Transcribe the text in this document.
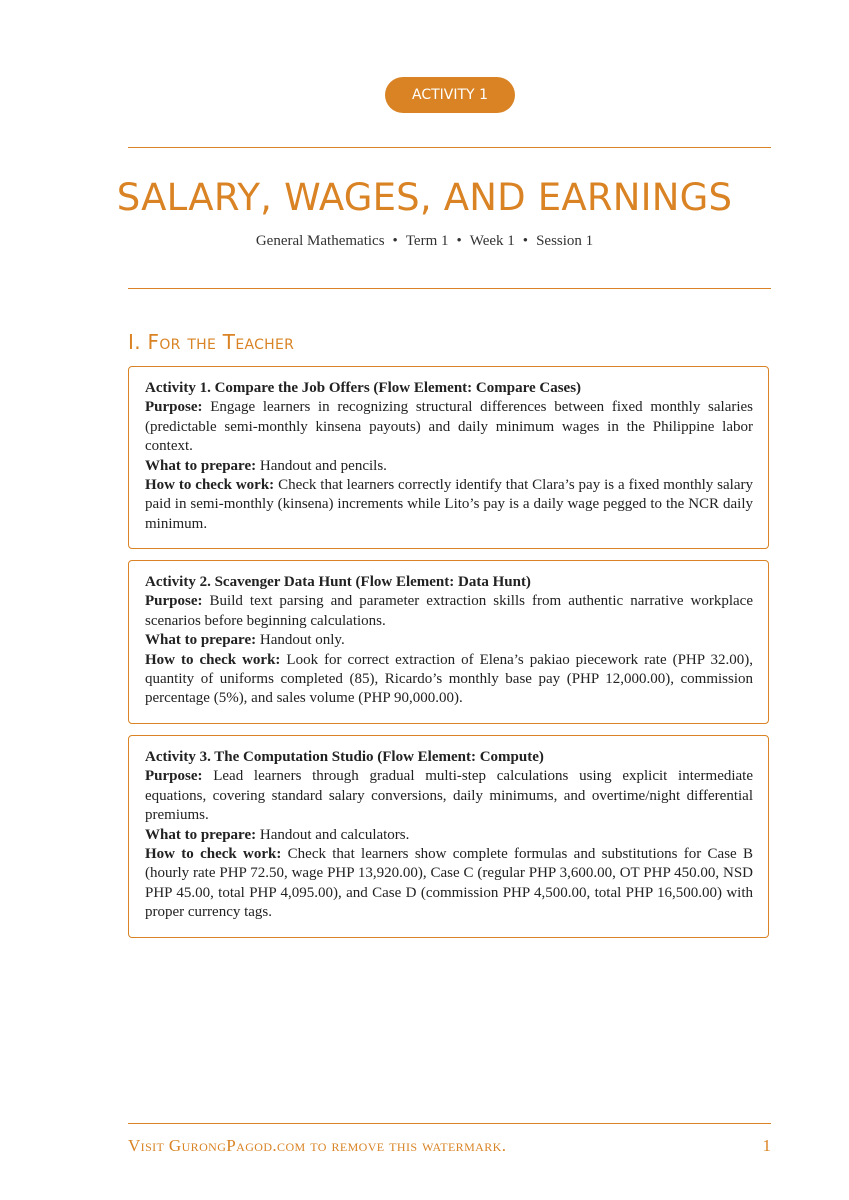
ACTIVITY 1
SALARY, WAGES, AND EARNINGS
General Mathematics • Term 1 • Week 1 • Session 1
I. For the Teacher

Activity 1. Compare the Job Offers (Flow Element: Compare Cases)

Purpose: Engage learners in recognizing structural differences between fixed monthly salaries (predictable semi-monthly kinsena payouts) and daily minimum wages in the Philippine labor context.

What to prepare: Handout and pencils.

How to check work: Check that learners correctly identify that Clara’s pay is a fixed monthly salary paid in semi-monthly (kinsena) increments while Lito’s pay is a daily wage pegged to the NCR daily minimum.

Activity 2. Scavenger Data Hunt (Flow Element: Data Hunt)

Purpose: Build text parsing and parameter extraction skills from authentic narrative workplace scenarios before beginning calculations.

What to prepare: Handout only.

How to check work: Look for correct extraction of Elena’s pakiao piecework rate (PHP 32.00), quantity of uniforms completed (85), Ricardo’s monthly base pay (PHP 12,000.00), commission percentage (5%), and sales volume (PHP 90,000.00).

Activity 3. The Computation Studio (Flow Element: Compute)

Purpose: Lead learners through gradual multi-step calculations using explicit intermediate equations, covering standard salary conversions, daily minimums, and overtime/night differential premiums.

What to prepare: Handout and calculators.

How to check work: Check that learners show complete formulas and substitutions for Case B (hourly rate PHP 72.50, wage PHP 13,920.00), Case C (regular PHP 3,600.00, OT PHP 450.00, NSD PHP 45.00, total PHP 4,095.00), and Case D (commission PHP 4,500.00, total PHP 16,500.00) with proper currency tags.

Visit GurongPagod.com to remove this watermark.	1
